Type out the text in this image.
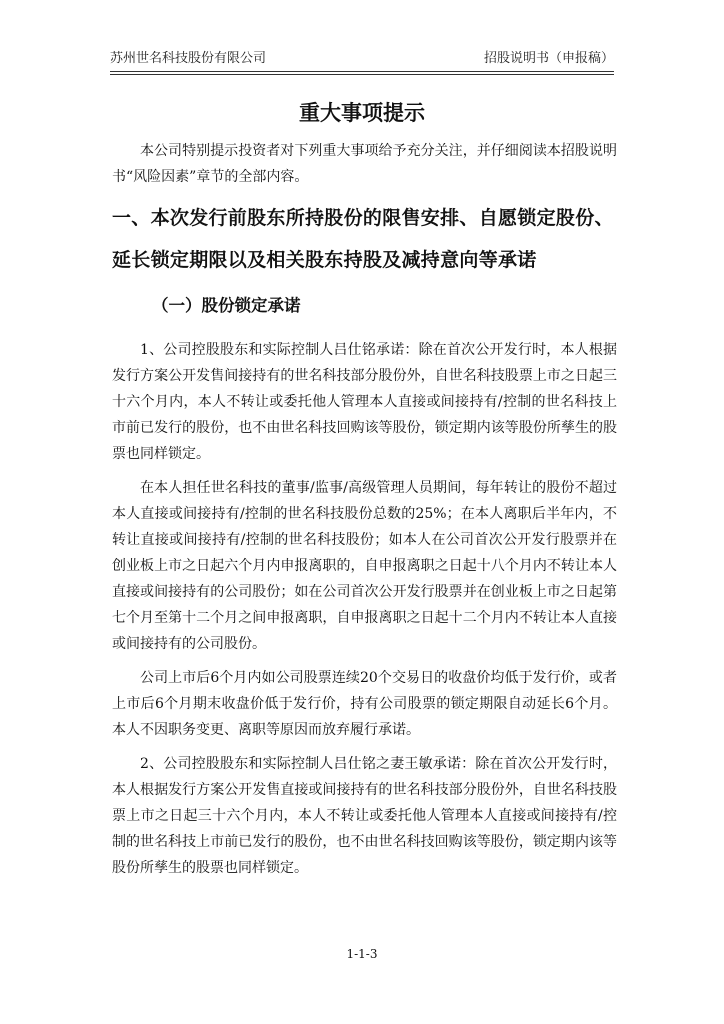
苏州世名科技股份有限公司	招股说明书（申报稿）
重大事项提示

本公司特别提示投资者对下列重大事项给予充分关注，并仔细阅读本招股说明书“风险因素”章节的全部内容。

一、本次发行前股东所持股份的限售安排、自愿锁定股份、
延长锁定期限以及相关股东持股及减持意向等承诺
（一）股份锁定承诺

1、公司控股股东和实际控制人吕仕铭承诺：除在首次公开发行时，本人根据发行方案公开发售间接持有的世名科技部分股份外，自世名科技股票上市之日起三十六个月内，本人不转让或委托他人管理本人直接或间接持有/控制的世名科技上市前已发行的股份，也不由世名科技回购该等股份，锁定期内该等股份所孳生的股票也同样锁定。

在本人担任世名科技的董事/监事/高级管理人员期间，每年转让的股份不超过本人直接或间接持有/控制的世名科技股份总数的25%；在本人离职后半年内，不转让直接或间接持有/控制的世名科技股份；如本人在公司首次公开发行股票并在创业板上市之日起六个月内申报离职的，自申报离职之日起十八个月内不转让本人直接或间接持有的公司股份；如在公司首次公开发行股票并在创业板上市之日起第七个月至第十二个月之间申报离职，自申报离职之日起十二个月内不转让本人直接或间接持有的公司股份。

公司上市后6个月内如公司股票连续20个交易日的收盘价均低于发行价，或者上市后6个月期末收盘价低于发行价，持有公司股票的锁定期限自动延长6个月。本人不因职务变更、离职等原因而放弃履行承诺。

2、公司控股股东和实际控制人吕仕铭之妻王敏承诺：除在首次公开发行时，本人根据发行方案公开发售直接或间接持有的世名科技部分股份外，自世名科技股票上市之日起三十六个月内，本人不转让或委托他人管理本人直接或间接持有/控制的世名科技上市前已发行的股份，也不由世名科技回购该等股份，锁定期内该等股份所孳生的股票也同样锁定。

1-1-3
